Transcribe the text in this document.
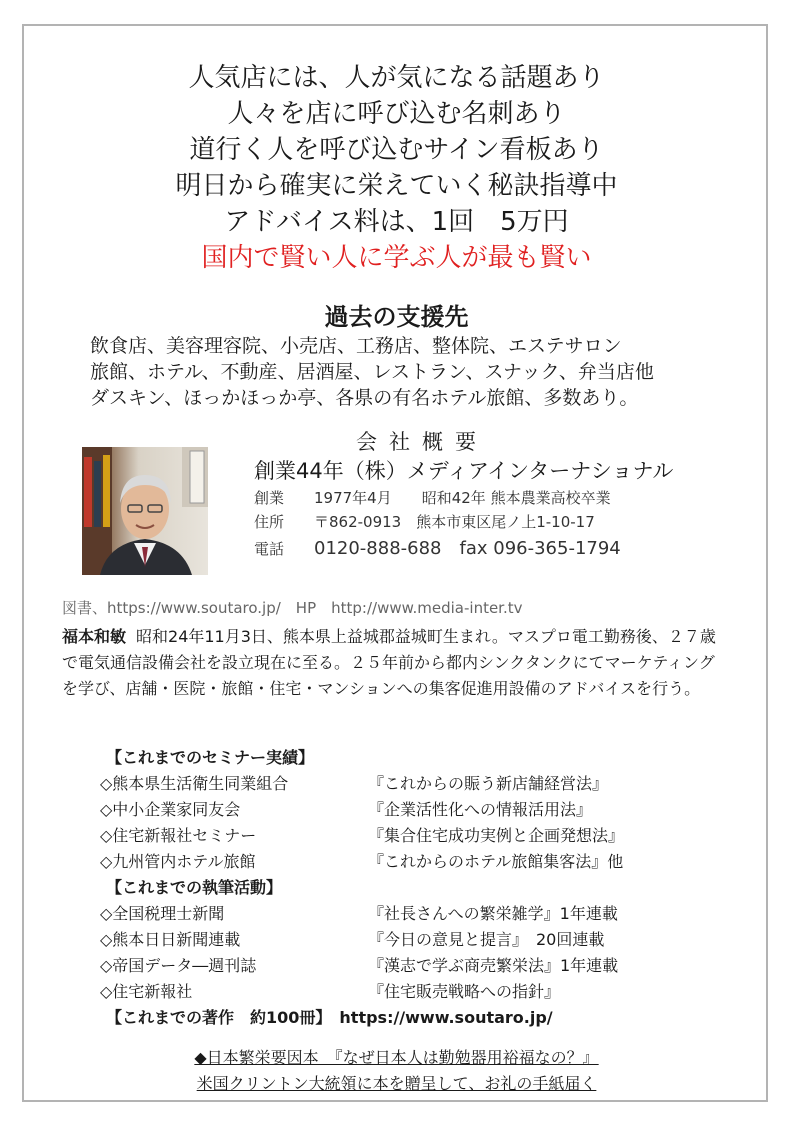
人気店には、人が気になる話題あり
人々を店に呼び込む名刺あり
道行く人を呼び込むサイン看板あり
明日から確実に栄えていく秘訣指導中
アドバイス料は、1回　5万円
国内で賢い人に学ぶ人が最も賢い
過去の支援先
飲食店、美容理容院、小売店、工務店、整体院、エステサロン
旅館、ホテル、不動産、居酒屋、レストラン、スナック、弁当店他
ダスキン、ほっかほっか亭、各県の有名ホテル旅館、多数あり。
会社概要
創業44年（株）メディアインターナショナル
創業	1977年4月　　昭和42年 熊本農業高校卒業
住所	〒862-0913　熊本市東区尾ノ上1-10-17
電話	0120-888-688　fax 096-365-1794
図書、https://www.soutaro.jp/　HP　http://www.media-inter.tv
福本和敏 昭和24年11月3日、熊本県上益城郡益城町生まれ。マスプロ電工勤務後、２７歳で電気通信設備会社を設立現在に至る。２５年前から都内シンクタンクにてマーケティングを学び、店舗・医院・旅館・住宅・マンションへの集客促進用設備のアドバイスを行う。
【これまでのセミナー実績】
◇熊本県生活衛生同業組合	『これからの賑う新店舗経営法』
◇中小企業家同友会	『企業活性化への情報活用法』
◇住宅新報社セミナー	『集合住宅成功実例と企画発想法』
◇九州管内ホテル旅館	『これからのホテル旅館集客法』他
【これまでの執筆活動】
◇全国税理士新聞	『社長さんへの繁栄雑学』1年連載
◇熊本日日新聞連載	『今日の意見と提言』　20回連載
◇帝国データ―週刊誌	『漢志で学ぶ商売繁栄法』1年連載
◇住宅新報社	『住宅販売戦略への指針』
【これまでの著作　約100冊】　https://www.soutaro.jp/
◆日本繁栄要因本　『なぜ日本人は勤勉器用裕福なの？』
米国クリントン大統領に本を贈呈して、お礼の手紙届く
